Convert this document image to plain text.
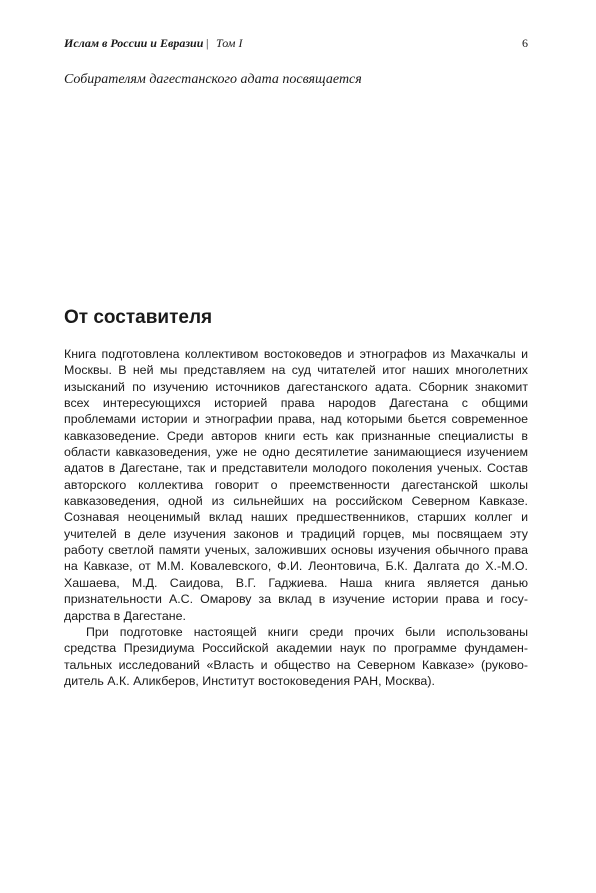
Ислам в России и Евразии | Том I	6
Собирателям дагестанского адата посвящается
От составителя

Книга подготовлена коллективом востоковедов и этнографов из Махачкалы и Москвы. В ней мы представляем на суд читателей итог наших многолетних изысканий по изучению источников дагестанского адата. Сборник знакомит всех интересующихся историей права народов Дагестана с общими проблемами истории и этнографии права, над которыми бьется современное кавказоведение. Среди авторов книги есть как признанные специалисты в области кавказоведения, уже не одно десятилетие занимающиеся изучением адатов в Дагестане, так и представители молодого поколения ученых. Состав авторского коллектива говорит о преемственности дагестанской школы кавказоведения, одной из сильнейших на российском Северном Кавказе. Сознавая неоценимый вклад наших предшественников, старших коллег и учителей в деле изучения законов и традиций горцев, мы посвящаем эту работу светлой памяти ученых, заложивших основы изучения обычного права на Кавказе, от М.М. Ковалевского, Ф.И. Леонтовича, Б.К. Далгата до Х.-М.О. Хашаева, М.Д. Саидова, В.Г. Гаджиева. Наша книга является данью признательности А.С. Омарову за вклад в изучение истории права и государства в Дагестане.

При подготовке настоящей книги среди прочих были использованы средства Президиума Российской академии наук по программе фундаментальных исследований «Власть и общество на Северном Кавказе» (руководитель А.К. Аликберов, Институт востоковедения РАН, Москва).
